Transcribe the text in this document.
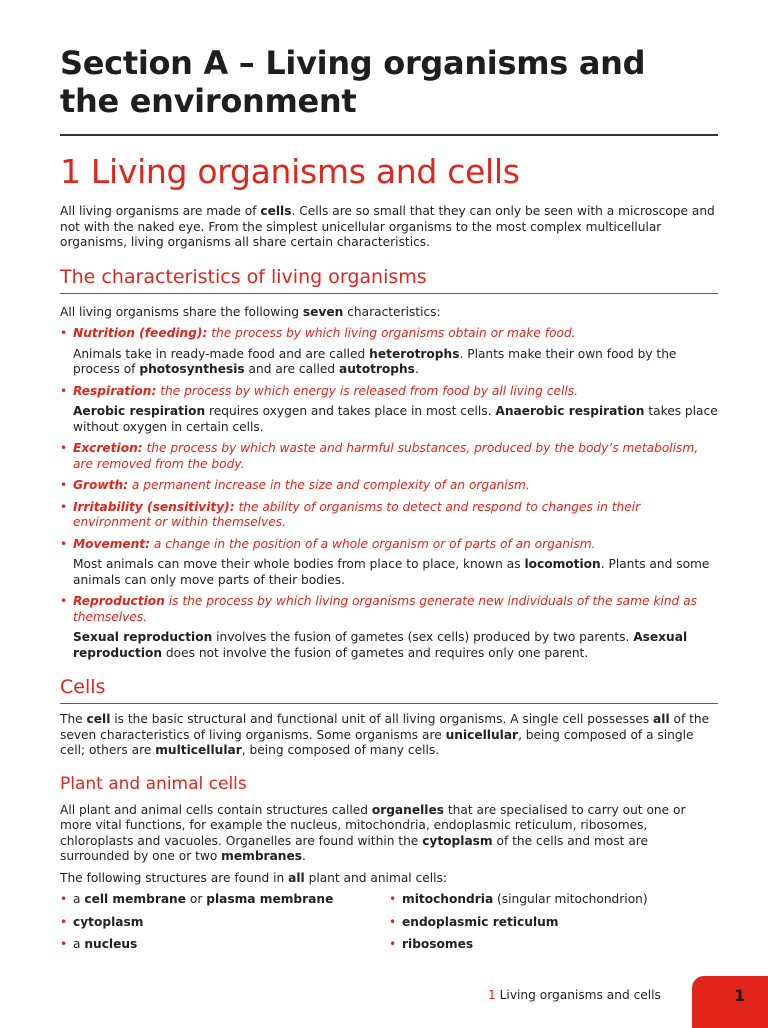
Section A – Living organisms and
the environment
1 Living organisms and cells

All living organisms are made of cells. Cells are so small that they can only be seen with a microscope and not with the naked eye. From the simplest unicellular organisms to the most complex multicellular organisms, living organisms all share certain characteristics.

The characteristics of living organisms

All living organisms share the following seven characteristics:

• Nutrition (feeding): the process by which living organisms obtain or make food.

Animals take in ready-made food and are called heterotrophs. Plants make their own food by the process of photosynthesis and are called autotrophs.

• Respiration: the process by which energy is released from food by all living cells.

Aerobic respiration requires oxygen and takes place in most cells. Anaerobic respiration takes place without oxygen in certain cells.

• Excretion: the process by which waste and harmful substances, produced by the body’s metabolism, are removed from the body.
• Growth: a permanent increase in the size and complexity of an organism.
• Irritability (sensitivity): the ability of organisms to detect and respond to changes in their environment or within themselves.
• Movement: a change in the position of a whole organism or of parts of an organism.

Most animals can move their whole bodies from place to place, known as locomotion. Plants and some animals can only move parts of their bodies.

• Reproduction is the process by which living organisms generate new individuals of the same kind as themselves.

Sexual reproduction involves the fusion of gametes (sex cells) produced by two parents. Asexual reproduction does not involve the fusion of gametes and requires only one parent.

Cells

The cell is the basic structural and functional unit of all living organisms. A single cell possesses all of the seven characteristics of living organisms. Some organisms are unicellular, being composed of a single cell; others are multicellular, being composed of many cells.

Plant and animal cells

All plant and animal cells contain structures called organelles that are specialised to carry out one or more vital functions, for example the nucleus, mitochondria, endoplasmic reticulum, ribosomes, chloroplasts and vacuoles. Organelles are found within the cytoplasm of the cells and most are surrounded by one or two membranes.

The following structures are found in all plant and animal cells:

• a cell membrane or plasma membrane
• cytoplasm
• a nucleus
• mitochondria (singular mitochondrion)
• endoplasmic reticulum
• ribosomes
1 Living organisms and cells	1
